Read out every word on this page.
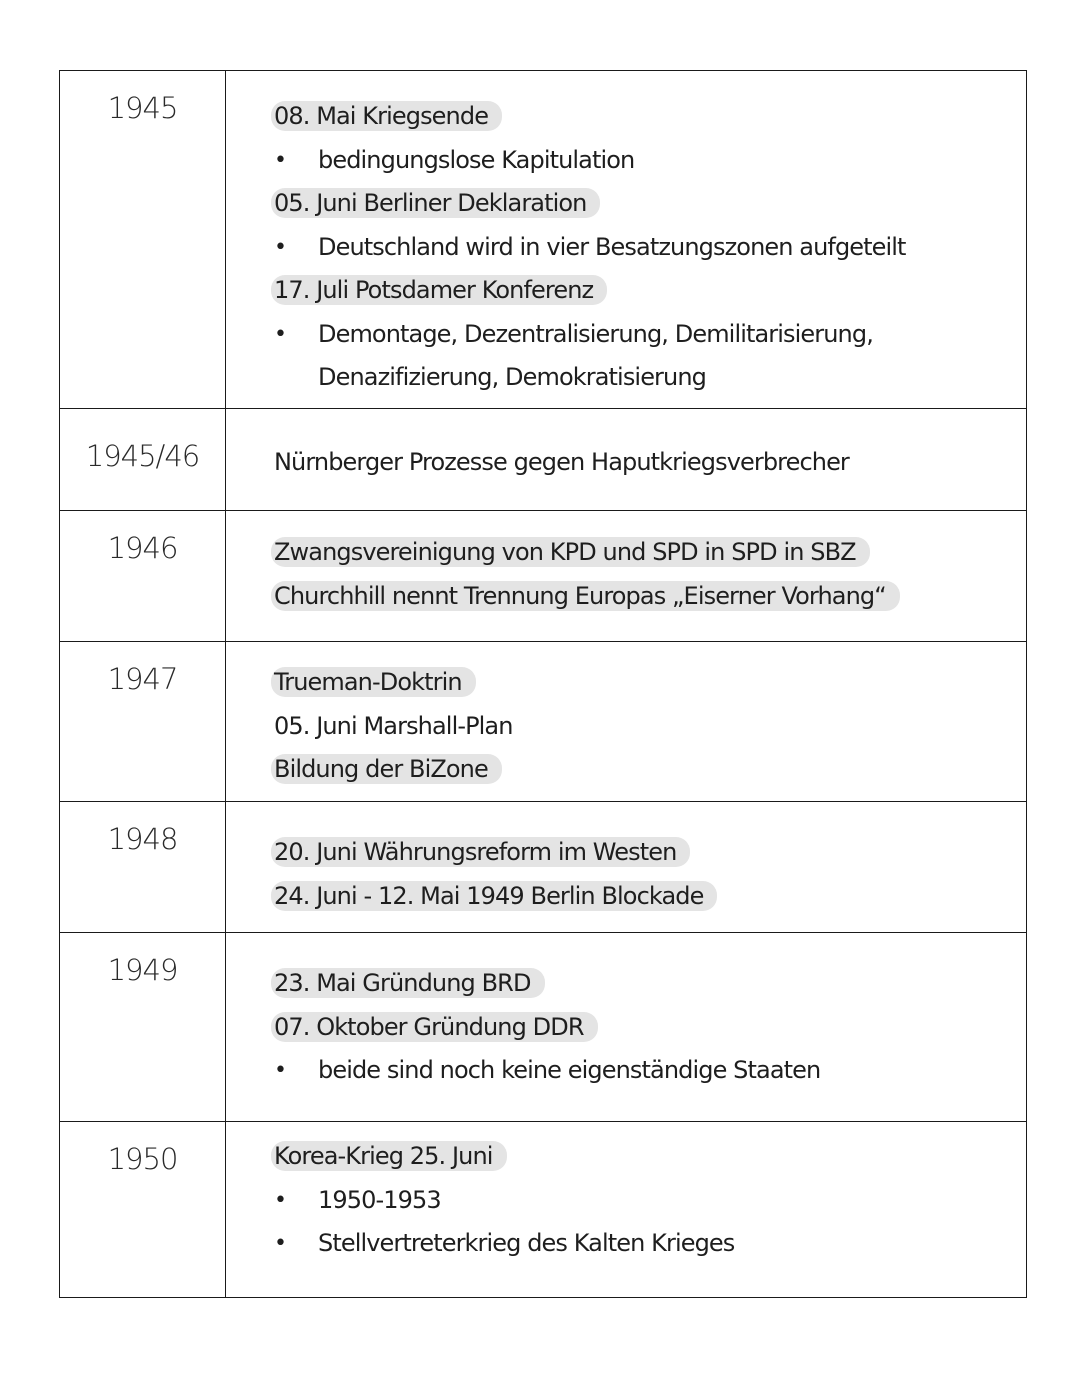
1945	08. Mai Kriegsende
•	bedingungslose Kapitulation
05. Juni Berliner Deklaration
•	Deutschland wird in vier Besatzungszonen aufgeteilt
17. Juli Potsdamer Konferenz
•	Demontage, Dezentralisierung, Demilitarisierung, Denazifizierung, Demokratisierung
1945/46	Nürnberger Prozesse gegen Haputkriegsverbrecher
1946	Zwangsvereinigung von KPD und SPD in SPD in SBZ
Churchhill nennt Trennung Europas „Eiserner Vorhang“
1947	Trueman-Doktrin
05. Juni Marshall-Plan
Bildung der BiZone
1948	20. Juni Währungsreform im Westen
24. Juni - 12. Mai 1949 Berlin Blockade
1949	23. Mai Gründung BRD
07. Oktober Gründung DDR
•	beide sind noch keine eigenständige Staaten
1950	Korea-Krieg 25. Juni
•	1950-1953
•	Stellvertreterkrieg des Kalten Krieges
